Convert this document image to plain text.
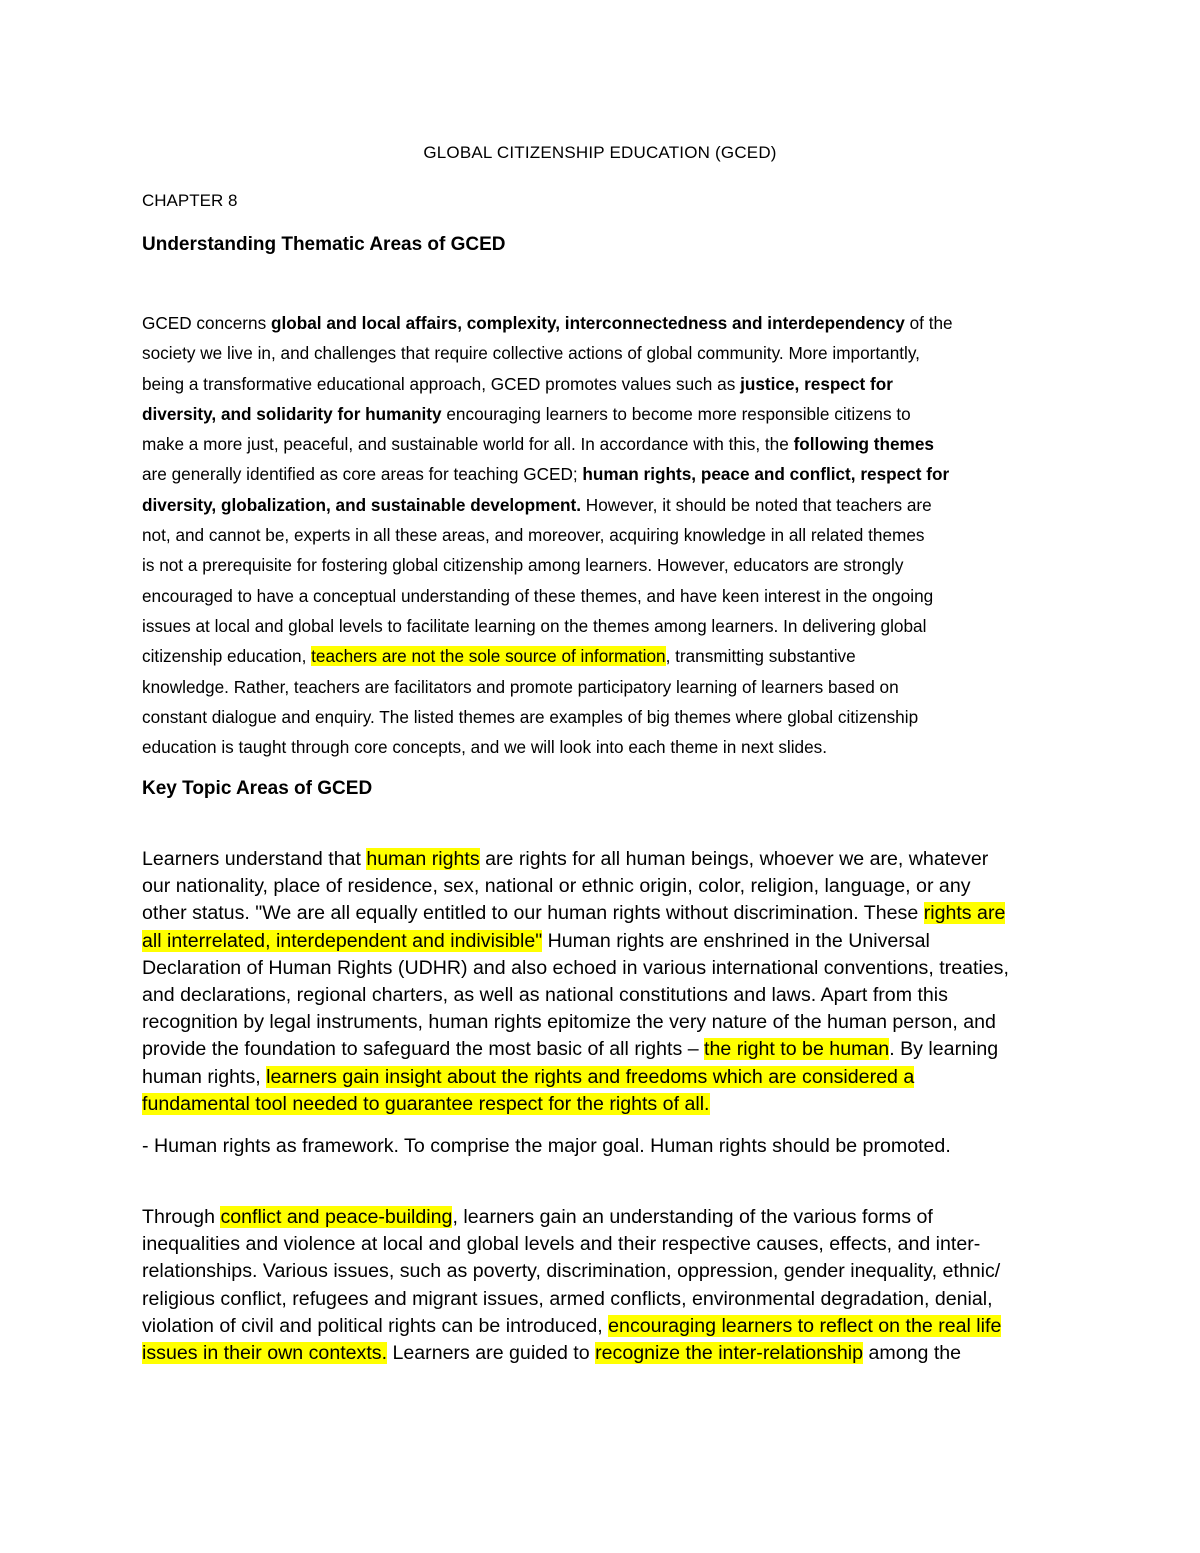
GLOBAL CITIZENSHIP EDUCATION (GCED)
CHAPTER 8
Understanding Thematic Areas of GCED
GCED concerns global and local affairs, complexity, interconnectedness and interdependency of the
society we live in, and challenges that require collective actions of global community. More importantly,
being a transformative educational approach, GCED promotes values such as justice, respect for
diversity, and solidarity for humanity encouraging learners to become more responsible citizens to
make a more just, peaceful, and sustainable world for all. In accordance with this, the following themes
are generally identified as core areas for teaching GCED; human rights, peace and conflict, respect for
diversity, globalization, and sustainable development. However, it should be noted that teachers are
not, and cannot be, experts in all these areas, and moreover, acquiring knowledge in all related themes
is not a prerequisite for fostering global citizenship among learners. However, educators are strongly
encouraged to have a conceptual understanding of these themes, and have keen interest in the ongoing
issues at local and global levels to facilitate learning on the themes among learners. In delivering global
citizenship education, teachers are not the sole source of information, transmitting substantive
knowledge. Rather, teachers are facilitators and promote participatory learning of learners based on
constant dialogue and enquiry. The listed themes are examples of big themes where global citizenship
education is taught through core concepts, and we will look into each theme in next slides.
Key Topic Areas of GCED
Learners understand that human rights are rights for all human beings, whoever we are, whatever
our nationality, place of residence, sex, national or ethnic origin, color, religion, language, or any
other status. "We are all equally entitled to our human rights without discrimination. These rights are
all interrelated, interdependent and indivisible" Human rights are enshrined in the Universal
Declaration of Human Rights (UDHR) and also echoed in various international conventions, treaties,
and declarations, regional charters, as well as national constitutions and laws. Apart from this
recognition by legal instruments, human rights epitomize the very nature of the human person, and
provide the foundation to safeguard the most basic of all rights – the right to be human. By learning
human rights, learners gain insight about the rights and freedoms which are considered a
fundamental tool needed to guarantee respect for the rights of all.
- Human rights as framework. To comprise the major goal. Human rights should be promoted.
Through conflict and peace-building, learners gain an understanding of the various forms of
inequalities and violence at local and global levels and their respective causes, effects, and inter-
relationships. Various issues, such as poverty, discrimination, oppression, gender inequality, ethnic/
religious conflict, refugees and migrant issues, armed conflicts, environmental degradation, denial,
violation of civil and political rights can be introduced, encouraging learners to reflect on the real life
issues in their own contexts. Learners are guided to recognize the inter-relationship among the
